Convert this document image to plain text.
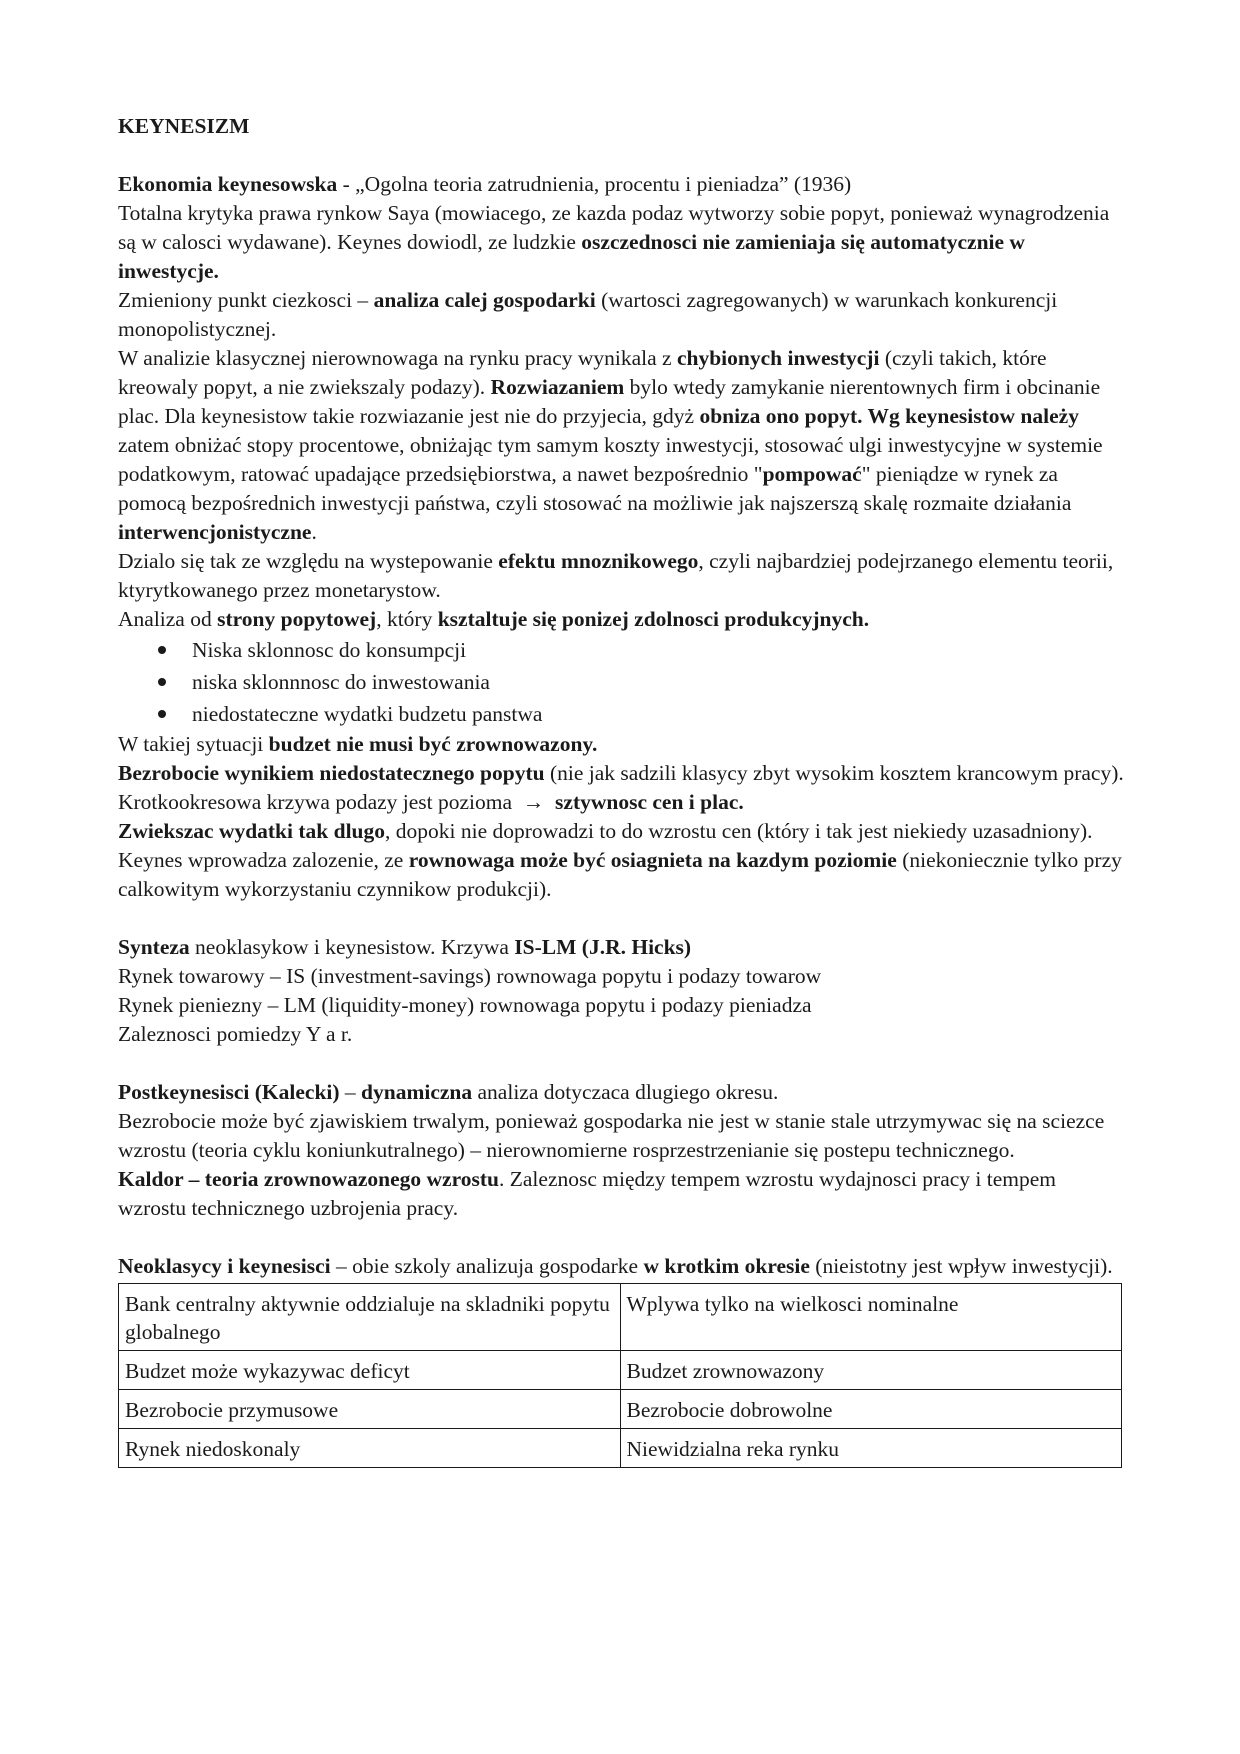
KEYNESIZM

Ekonomia keynesowska - „Ogolna teoria zatrudnienia, procentu i pieniadza” (1936)

Totalna krytyka prawa rynkow Saya (mowiacego, ze kazda podaz wytworzy sobie popyt, ponieważ wynagrodzenia są w calosci wydawane). Keynes dowiodl, ze ludzkie oszczednosci nie zamieniaja się automatycznie w inwestycje.

Zmieniony punkt ciezkosci – analiza calej gospodarki (wartosci zagregowanych) w warunkach konkurencji monopolistycznej.

W analizie klasycznej nierownowaga na rynku pracy wynikala z chybionych inwestycji (czyli takich, które kreowaly popyt, a nie zwiekszaly podazy). Rozwiazaniem bylo wtedy zamykanie nierentownych firm i obcinanie plac. Dla keynesistow takie rozwiazanie jest nie do przyjecia, gdyż obniza ono popyt. Wg keynesistow należy zatem obniżać stopy procentowe, obniżając tym samym koszty inwestycji, stosować ulgi inwestycyjne w systemie podatkowym, ratować upadające przedsiębiorstwa, a nawet bezpośrednio "pompować" pieniądze w rynek za pomocą bezpośrednich inwestycji państwa, czyli stosować na możliwie jak najszerszą skalę rozmaite działania interwencjonistyczne.

Dzialo się tak ze względu na wystepowanie efektu mnoznikowego, czyli najbardziej podejrzanego elementu teorii, ktyrytkowanego przez monetarystow.

Analiza od strony popytowej, który ksztaltuje się ponizej zdolnosci produkcyjnych.

Niska sklonnosc do konsumpcji
niska sklonnnosc do inwestowania
niedostateczne wydatki budzetu panstwa

W takiej sytuacji budzet nie musi być zrownowazony.

Bezrobocie wynikiem niedostatecznego popytu (nie jak sadzili klasycy zbyt wysokim kosztem krancowym pracy).

Krotkookresowa krzywa podazy jest pozioma  →  sztywnosc cen i plac.

Zwiekszac wydatki tak dlugo, dopoki nie doprowadzi to do wzrostu cen (który i tak jest niekiedy uzasadniony).

Keynes wprowadza zalozenie, ze rownowaga może być osiagnieta na kazdym poziomie (niekoniecznie tylko przy calkowitym wykorzystaniu czynnikow produkcji).

Synteza neoklasykow i keynesistow. Krzywa IS-LM (J.R. Hicks)

Rynek towarowy – IS (investment-savings) rownowaga popytu i podazy towarow

Rynek pieniezny – LM (liquidity-money) rownowaga popytu i podazy pieniadza

Zaleznosci pomiedzy Y a r.

Postkeynesisci (Kalecki) – dynamiczna analiza dotyczaca dlugiego okresu.

Bezrobocie może być zjawiskiem trwalym, ponieważ gospodarka nie jest w stanie stale utrzymywac się na sciezce wzrostu (teoria cyklu koniunkutralnego) – nierownomierne rosprzestrzenianie się postepu technicznego.

Kaldor – teoria zrownowazonego wzrostu. Zaleznosc między tempem wzrostu wydajnosci pracy i tempem wzrostu technicznego uzbrojenia pracy.

Neoklasycy i keynesisci – obie szkoly analizuja gospodarke w krotkim okresie (nieistotny jest wpływ inwestycji).

Bank centralny aktywnie oddzialuje na skladniki popytu globalnego	Wplywa tylko na wielkosci nominalne
Budzet może wykazywac deficyt	Budzet zrownowazony
Bezrobocie przymusowe	Bezrobocie dobrowolne
Rynek niedoskonaly	Niewidzialna reka rynku
